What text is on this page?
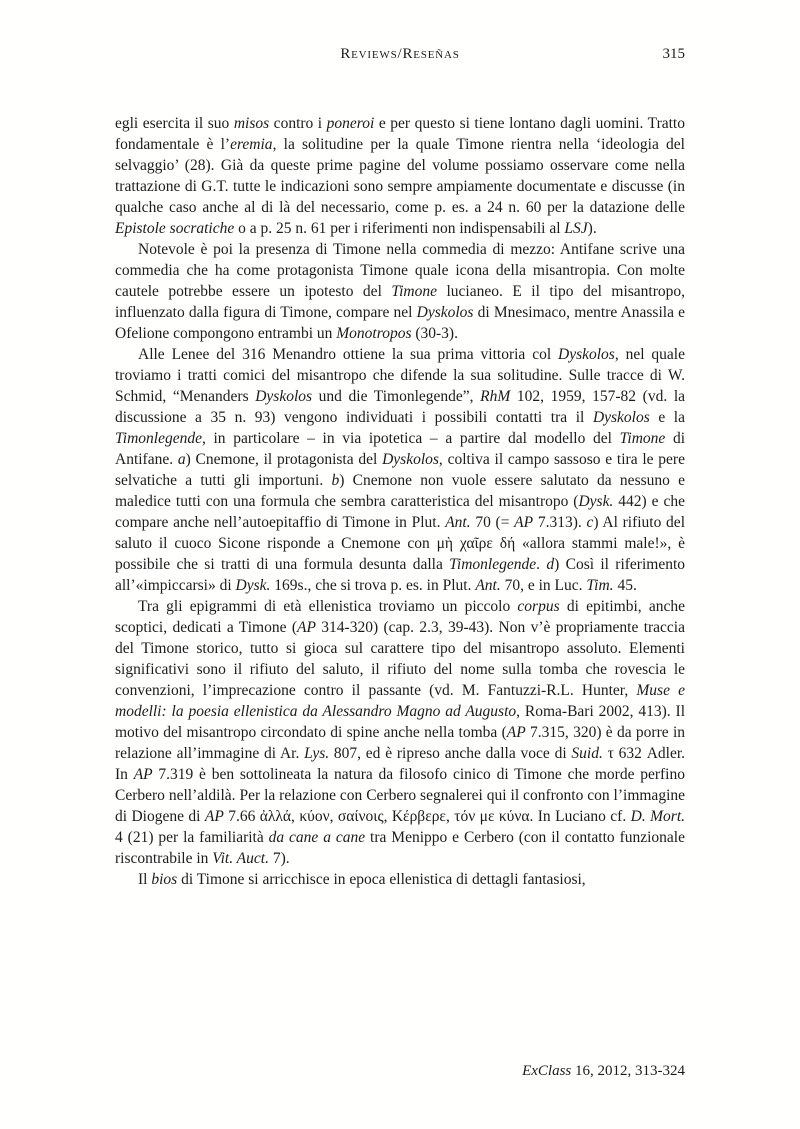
Reviews/Reseñas	315

egli esercita il suo misos contro i poneroi e per questo si tiene lontano dagli uomini. Tratto fondamentale è l’eremia, la solitudine per la quale Timone rientra nella ‘ideologia del selvaggio’ (28). Già da queste prime pagine del volume possiamo osservare come nella trattazione di G.T. tutte le indicazioni sono sempre ampiamente documentate e discusse (in qualche caso anche al di là del necessario, come p. es. a 24 n. 60 per la datazione delle Epistole socratiche o a p. 25 n. 61 per i riferimenti non indispensabili al LSJ).

Notevole è poi la presenza di Timone nella commedia di mezzo: Antifane scrive una commedia che ha come protagonista Timone quale icona della misantropia. Con molte cautele potrebbe essere un ipotesto del Timone lucianeo. E il tipo del misantropo, influenzato dalla figura di Timone, compare nel Dyskolos di Mnesimaco, mentre Anassila e Ofelione compongono entrambi un Monotropos (30-3).

Alle Lenee del 316 Menandro ottiene la sua prima vittoria col Dyskolos, nel quale troviamo i tratti comici del misantropo che difende la sua solitudine. Sulle tracce di W. Schmid, “Menanders Dyskolos und die Timonlegende”, RhM 102, 1959, 157-82 (vd. la discussione a 35 n. 93) vengono individuati i possibili contatti tra il Dyskolos e la Timonlegende, in particolare – in via ipotetica – a partire dal modello del Timone di Antifane. a) Cnemone, il protagonista del Dyskolos, coltiva il campo sassoso e tira le pere selvatiche a tutti gli importuni. b) Cnemone non vuole essere salutato da nessuno e maledice tutti con una formula che sembra caratteristica del misantropo (Dysk. 442) e che compare anche nell’autoepitaffio di Timone in Plut. Ant. 70 (= AP 7.313). c) Al rifiuto del saluto il cuoco Sicone risponde a Cnemone con μὴ χαῖρε δή «allora stammi male!», è possibile che si tratti di una formula desunta dalla Timonlegende. d) Così il riferimento all’«impiccarsi» di Dysk. 169s., che si trova p. es. in Plut. Ant. 70, e in Luc. Tim. 45.

Tra gli epigrammi di età ellenistica troviamo un piccolo corpus di epitimbi, anche scoptici, dedicati a Timone (AP 314-320) (cap. 2.3, 39-43). Non v’è propriamente traccia del Timone storico, tutto si gioca sul carattere tipo del misantropo assoluto. Elementi significativi sono il rifiuto del saluto, il rifiuto del nome sulla tomba che rovescia le convenzioni, l’imprecazione contro il passante (vd. M. Fantuzzi-R.L. Hunter, Muse e modelli: la poesia ellenistica da Alessandro Magno ad Augusto, Roma-Bari 2002, 413). Il motivo del misantropo circondato di spine anche nella tomba (AP 7.315, 320) è da porre in relazione all’immagine di Ar. Lys. 807, ed è ripreso anche dalla voce di Suid. τ 632 Adler. In AP 7.319 è ben sottolineata la natura da filosofo cinico di Timone che morde perfino Cerbero nell’aldilà. Per la relazione con Cerbero segnalerei qui il confronto con l’immagine di Diogene di AP 7.66 ἀλλά, κύον, σαίνοις, Κέρβερε, τόν με κύνα. In Luciano cf. D. Mort. 4 (21) per la familiarità da cane a cane tra Menippo e Cerbero (con il contatto funzionale riscontrabile in Vit. Auct. 7).

Il bios di Timone si arricchisce in epoca ellenistica di dettagli fantasiosi,

ExClass 16, 2012, 313-324
